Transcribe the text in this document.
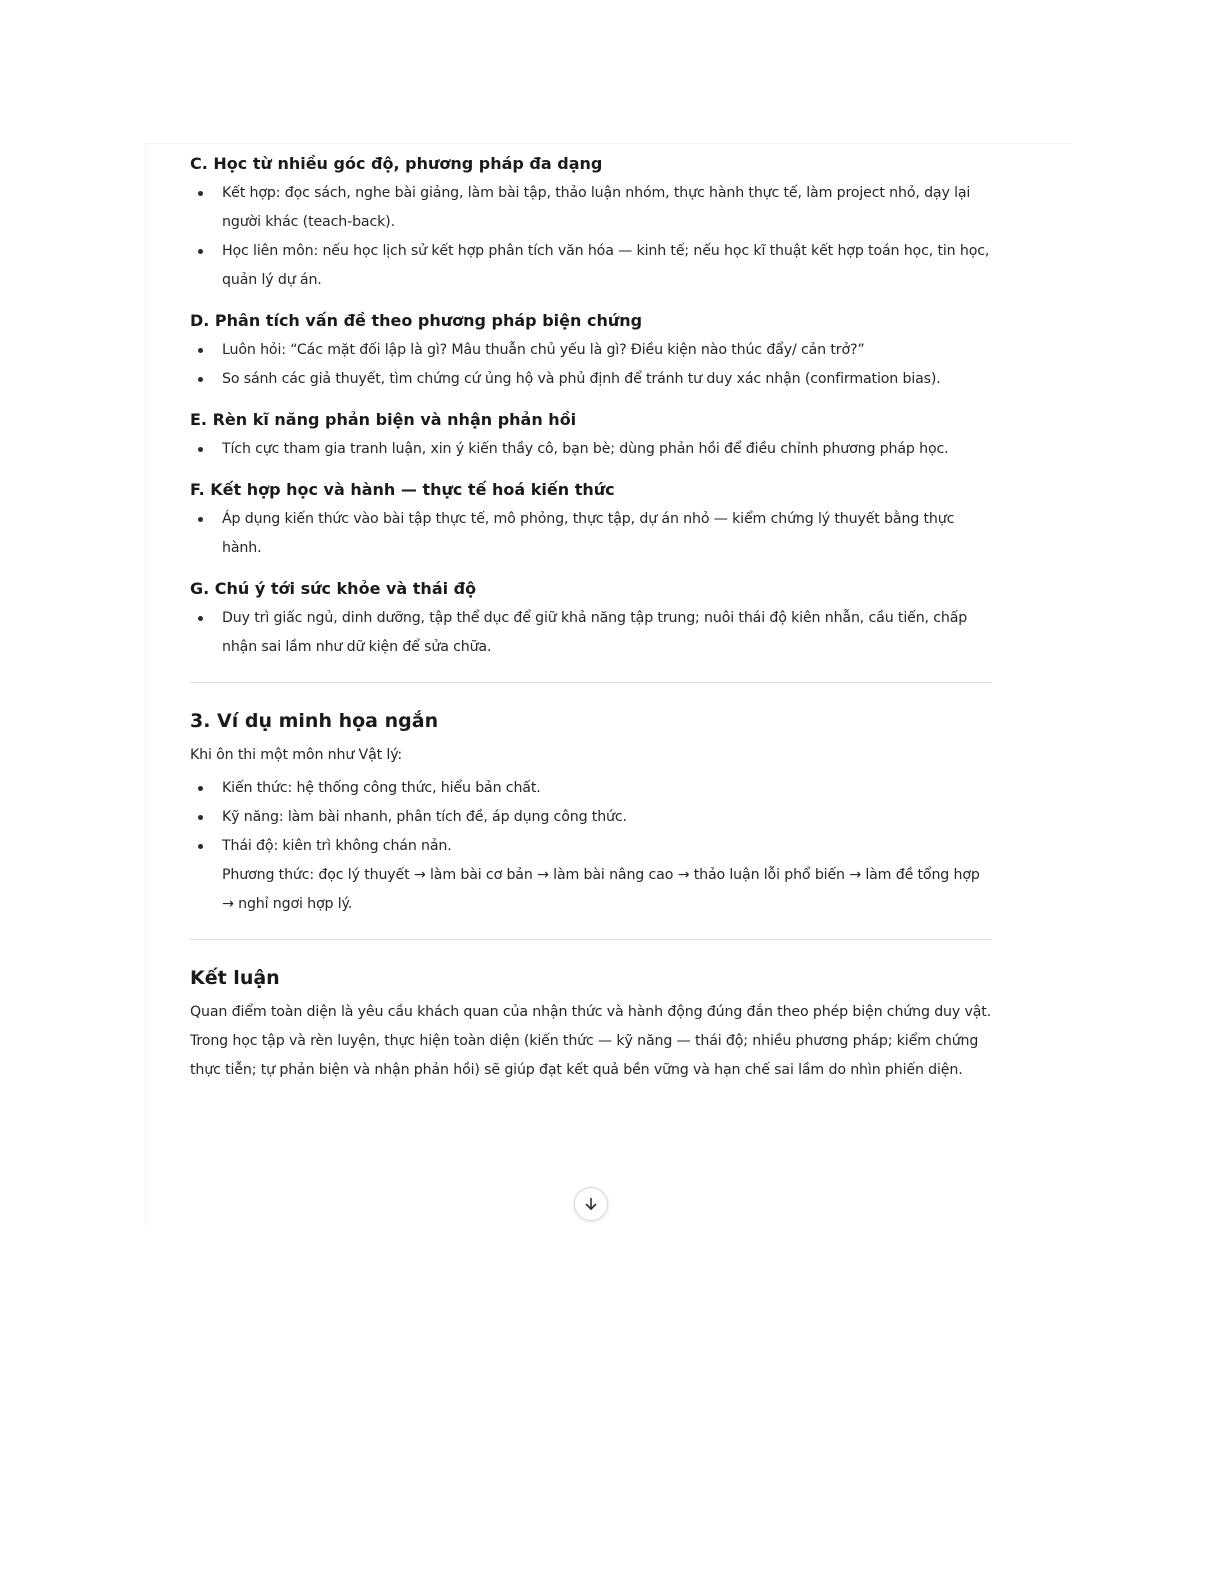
C. Học từ nhiều góc độ, phương pháp đa dạng
Kết hợp: đọc sách, nghe bài giảng, làm bài tập, thảo luận nhóm, thực hành thực tế, làm project nhỏ, dạy lại người khác (teach-back).
Học liên môn: nếu học lịch sử kết hợp phân tích văn hóa — kinh tế; nếu học kĩ thuật kết hợp toán học, tin học, quản lý dự án.
D. Phân tích vấn đề theo phương pháp biện chứng
Luôn hỏi: “Các mặt đối lập là gì? Mâu thuẫn chủ yếu là gì? Điều kiện nào thúc đẩy/ cản trở?”
So sánh các giả thuyết, tìm chứng cứ ủng hộ và phủ định để tránh tư duy xác nhận (confirmation bias).
E. Rèn kĩ năng phản biện và nhận phản hồi
Tích cực tham gia tranh luận, xin ý kiến thầy cô, bạn bè; dùng phản hồi để điều chỉnh phương pháp học.
F. Kết hợp học và hành — thực tế hoá kiến thức
Áp dụng kiến thức vào bài tập thực tế, mô phỏng, thực tập, dự án nhỏ — kiểm chứng lý thuyết bằng thực hành.
G. Chú ý tới sức khỏe và thái độ
Duy trì giấc ngủ, dinh dưỡng, tập thể dục để giữ khả năng tập trung; nuôi thái độ kiên nhẫn, cầu tiến, chấp nhận sai lầm như dữ kiện để sửa chữa.
3. Ví dụ minh họa ngắn
Khi ôn thi một môn như Vật lý:
Kiến thức: hệ thống công thức, hiểu bản chất.
Kỹ năng: làm bài nhanh, phân tích đề, áp dụng công thức.
Thái độ: kiên trì không chán nản.
Phương thức: đọc lý thuyết → làm bài cơ bản → làm bài nâng cao → thảo luận lỗi phổ biến → làm đề tổng hợp → nghỉ ngơi hợp lý.
Kết luận
Quan điểm toàn diện là yêu cầu khách quan của nhận thức và hành động đúng đắn theo phép biện chứng duy vật. Trong học tập và rèn luyện, thực hiện toàn diện (kiến thức — kỹ năng — thái độ; nhiều phương pháp; kiểm chứng thực tiễn; tự phản biện và nhận phản hồi) sẽ giúp đạt kết quả bền vững và hạn chế sai lầm do nhìn phiến diện.
